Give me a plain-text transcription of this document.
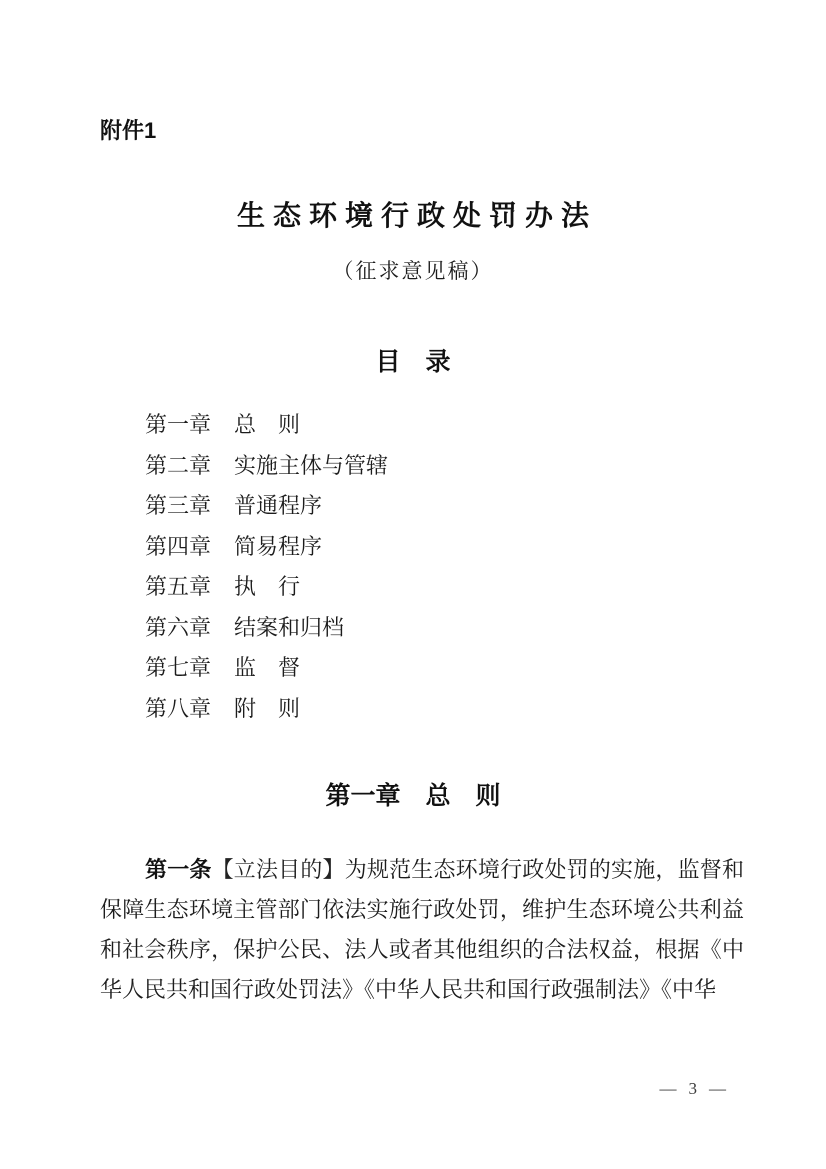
附件1
生态环境行政处罚办法
（征求意见稿）
目　录
第一章 总　则
第二章 实施主体与管辖
第三章 普通程序
第四章 简易程序
第五章 执　行
第六章 结案和归档
第七章 监　督
第八章 附　则
第一章 总　则

第一条【立法目的】为规范生态环境行政处罚的实施，监督和保障生态环境主管部门依法实施行政处罚，维护生态环境公共利益和社会秩序，保护公民、法人或者其他组织的合法权益，根据《中华人民共和国行政处罚法》《中华人民共和国行政强制法》《中华

— 3 —
